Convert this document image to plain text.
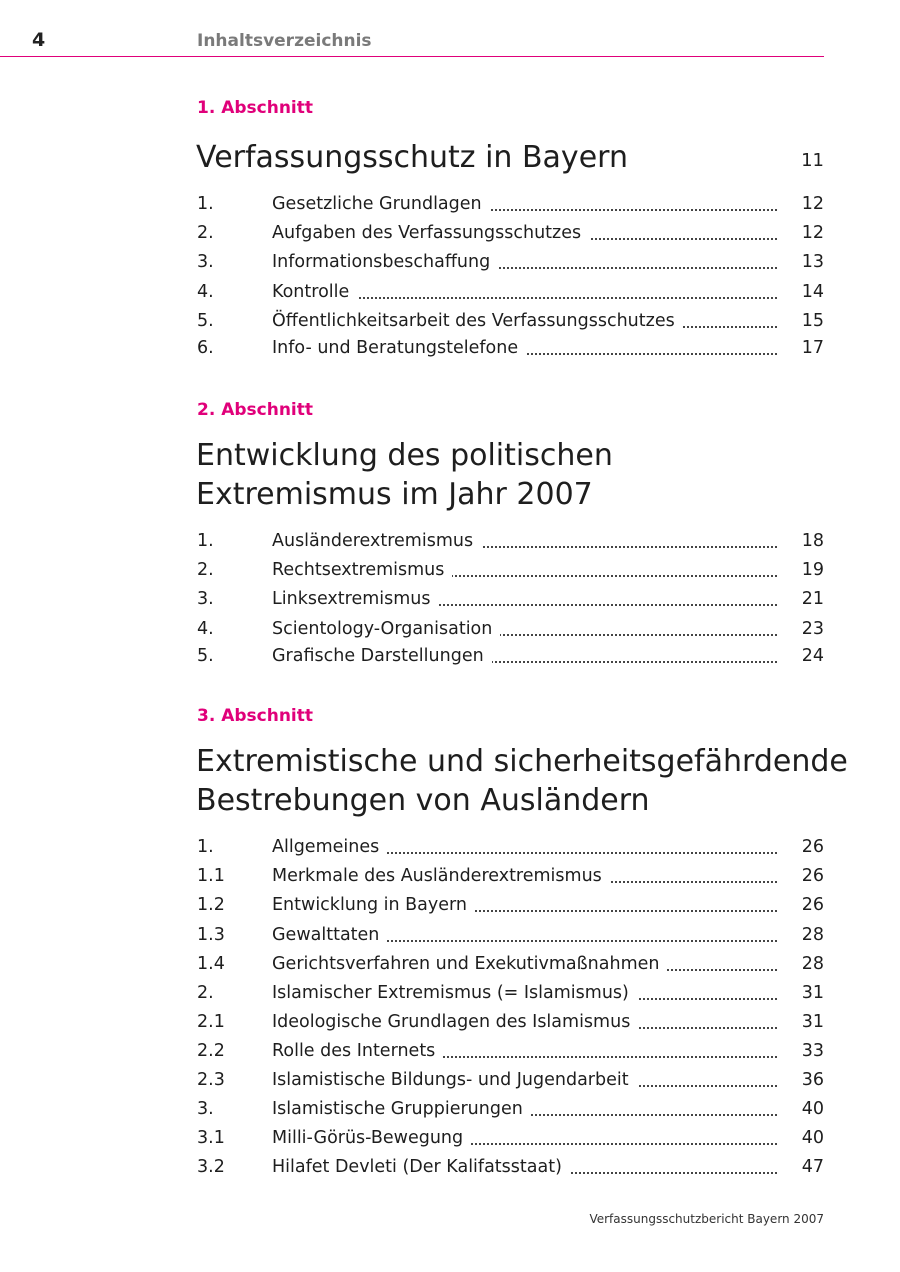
4	Inhaltsverzeichnis
1. Abschnitt
Verfassungsschutz in Bayern	11
1.	Gesetzliche Grundlagen	12
2.	Aufgaben des Verfassungsschutzes	12
3.	Informationsbeschaffung	13
4.	Kontrolle	14
5.	Öffentlichkeitsarbeit des Verfassungsschutzes	15
6.	Info- und Beratungstelefone	17
2. Abschnitt
Entwicklung des politischen
Extremismus im Jahr 2007
1.	Ausländerextremismus	18
2.	Rechtsextremismus	19
3.	Linksextremismus	21
4.	Scientology-Organisation	23
5.	Grafische Darstellungen	24
3. Abschnitt
Extremistische und sicherheitsgefährdende
Bestrebungen von Ausländern
1.	Allgemeines	26
1.1	Merkmale des Ausländerextremismus	26
1.2	Entwicklung in Bayern	26
1.3	Gewalttaten	28
1.4	Gerichtsverfahren und Exekutivmaßnahmen	28
2.	Islamischer Extremismus (= Islamismus)	31
2.1	Ideologische Grundlagen des Islamismus	31
2.2	Rolle des Internets	33
2.3	Islamistische Bildungs- und Jugendarbeit	36
3.	Islamistische Gruppierungen	40
3.1	Milli-Görüs-Bewegung	40
3.2	Hilafet Devleti (Der Kalifatsstaat)	47
Verfassungsschutzbericht Bayern 2007
